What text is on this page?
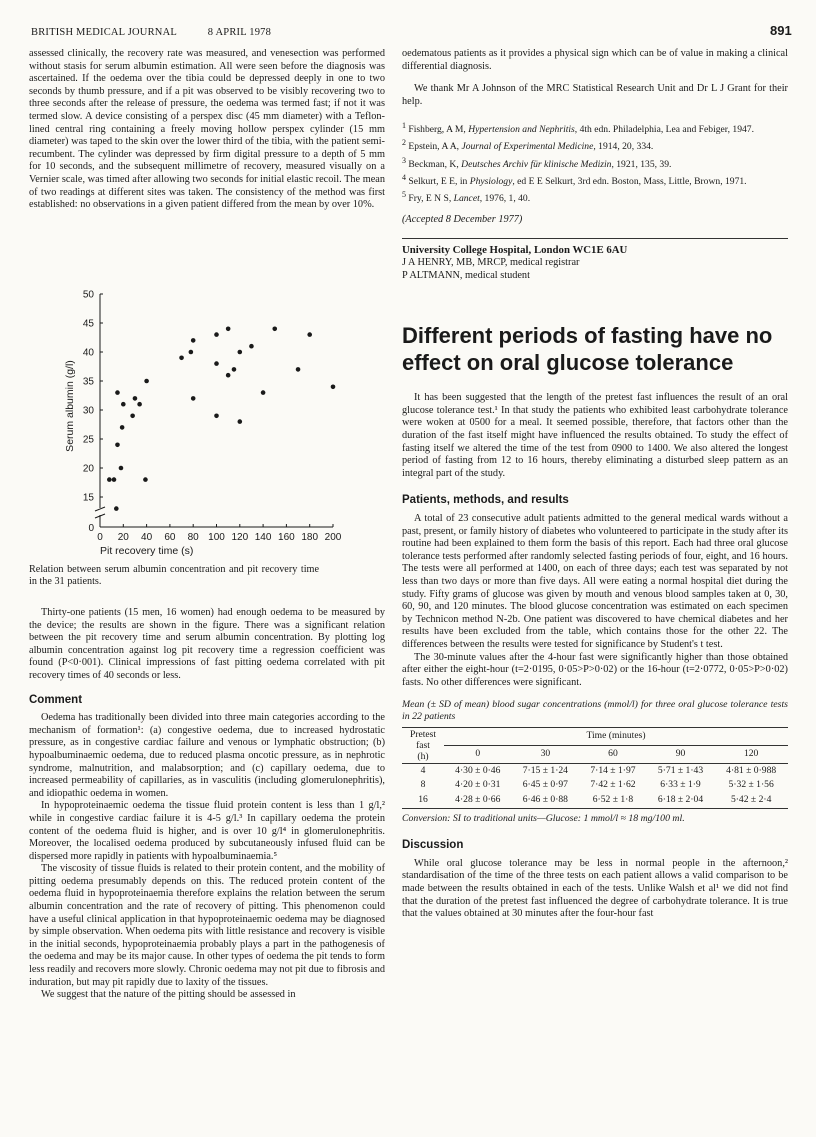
BRITISH MEDICAL JOURNAL	8 APRIL 1978	891

assessed clinically, the recovery rate was measured, and venesection was performed without stasis for serum albumin estimation. All were seen before the diagnosis was ascertained. If the oedema over the tibia could be depressed deeply in one to two seconds by thumb pressure, and if a pit was observed to be visibly recovering two to three seconds after the release of pressure, the oedema was termed fast; if not it was termed slow. A device consisting of a perspex disc (45 mm diameter) with a Teflon-lined central ring containing a freely moving hollow perspex cylinder (15 mm diameter) was taped to the skin over the lower third of the tibia, with the patient semi-recumbent. The cylinder was depressed by firm digital pressure to a depth of 5 mm for 10 seconds, and the subsequent millimetre of recovery, measured visually on a Vernier scale, was timed after allowing two seconds for initial elastic recoil. The mean of two readings at different sites was taken. The consistency of the method was first established: no observations in a given patient differed from the mean by over 10%.

0
15
20
25
30
35
40
45
50
0 20 40 60 80 100 120 140 160 180 200
Serum albumin (g/l)
Pit recovery time (s)

Relation between serum albumin concentration and pit recovery time in the 31 patients.

Thirty-one patients (15 men, 16 women) had enough oedema to be measured by the device; the results are shown in the figure. There was a significant relation between the pit recovery time and serum albumin concentration. By plotting log albumin concentration against log pit recovery time a regression coefficient was found (P<0·001). Clinical impressions of fast pitting oedema correlated with pit recovery times of 40 seconds or less.

Comment

Oedema has traditionally been divided into three main categories according to the mechanism of formation¹: (a) congestive oedema, due to increased hydrostatic pressure, as in congestive cardiac failure and venous or lymphatic obstruction; (b) hypoalbuminaemic oedema, due to reduced plasma oncotic pressure, as in nephrotic syndrome, malnutrition, and malabsorption; and (c) capillary oedema, due to increased permeability of capillaries, as in vasculitis (including glomerulonephritis), and idiopathic oedema in women.

In hypoproteinaemic oedema the tissue fluid protein content is less than 1 g/l,² while in congestive cardiac failure it is 4-5 g/l.³ In capillary oedema the protein content of the oedema fluid is higher, and is over 10 g/l⁴ in glomerulonephritis. Moreover, the localised oedema produced by subcutaneously infused fluid can be dispersed more rapidly in patients with hypoalbuminaemia.⁵

The viscosity of tissue fluids is related to their protein content, and the mobility of pitting oedema presumably depends on this. The reduced protein content of the oedema fluid in hypoproteinaemia therefore explains the relation between the serum albumin concentration and the rate of recovery of pitting. This phenomenon could have a useful clinical application in that hypoproteinaemic oedema may be diagnosed by simple observation. When oedema pits with little resistance and recovery is visible in the initial seconds, hypoproteinaemia probably plays a part in the pathogenesis of the oedema and may be its major cause. In other types of oedema the pit tends to form less readily and recovers more slowly. Chronic oedema may not pit due to fibrosis and induration, but may pit rapidly due to laxity of the tissues.

We suggest that the nature of the pitting should be assessed in

oedematous patients as it provides a physical sign which can be of value in making a clinical differential diagnosis.

We thank Mr A Johnson of the MRC Statistical Research Unit and Dr L J Grant for their help.

$^1$ Fishberg, A M, Hypertension and Nephritis, 4th edn. Philadelphia, Lea and Febiger, 1947.

$^2$ Epstein, A A, Journal of Experimental Medicine, 1914, 20, 334.

$^3$ Beckman, K, Deutsches Archiv für klinische Medizin, 1921, 135, 39.

$^4$ Selkurt, E E, in Physiology, ed E E Selkurt, 3rd edn. Boston, Mass, Little, Brown, 1971.

$^5$ Fry, E N S, Lancet, 1976, 1, 40.

(Accepted 8 December 1977)

University College Hospital, London WC1E 6AU
J A HENRY, MB, MRCP, medical registrar
P ALTMANN, medical student
Different periods of fasting have no effect on oral glucose tolerance

It has been suggested that the length of the pretest fast influences the result of an oral glucose tolerance test.¹ In that study the patients who exhibited least carbohydrate tolerance were woken at 0500 for a meal. It seemed possible, therefore, that factors other than the duration of the fast itself might have influenced the results obtained. To study the effect of fasting itself we altered the time of the test from 0900 to 1400. We also altered the longest period of fasting from 12 to 16 hours, thereby eliminating a disturbed sleep pattern as an integral part of the study.

Patients, methods, and results

A total of 23 consecutive adult patients admitted to the general medical wards without a past, present, or family history of diabetes who volunteered to participate in the study after its routine had been explained to them form the basis of this report. Each had three oral glucose tolerance tests performed after randomly selected fasting periods of four, eight, and 16 hours. The tests were all performed at 1400, on each of three days; each test was separated by not less than two days or more than five days. All were eating a normal hospital diet during the study. Fifty grams of glucose was given by mouth and venous blood samples taken at 0, 30, 60, 90, and 120 minutes. The blood glucose concentration was estimated on each specimen by Technicon method N-2b. One patient was discovered to have chemical diabetes and her results have been excluded from the table, which contains those for the other 22. The differences between the results were tested for significance by Student's t test.

The 30-minute values after the 4-hour fast were significantly higher than those obtained after either the eight-hour (t=2·0195, 0·05>P>0·02) or the 16-hour (t=2·0772, 0·05>P>0·02) fasts. No other differences were significant.

Mean (± SD of mean) blood sugar concentrations (mmol/l) for three oral glucose tolerance tests in 22 patients

Pretest
fast
(h)	Time (minutes)				
	0	30	60	90	120
4	4·30 ± 0·46	7·15 ± 1·24	7·14 ± 1·97	5·71 ± 1·43	4·81 ± 0·988
8	4·20 ± 0·31	6·45 ± 0·97	7·42 ± 1·62	6·33 ± 1·9	5·32 ± 1·56
16	4·28 ± 0·66	6·46 ± 0·88	6·52 ± 1·8	6·18 ± 2·04	5·42 ± 2·4

Conversion: SI to traditional units—Glucose: 1 mmol/l ≈ 18 mg/100 ml.

Discussion

While oral glucose tolerance may be less in normal people in the afternoon,² standardisation of the time of the three tests on each patient allows a valid comparison to be made between the results obtained in each of the tests. Unlike Walsh et al¹ we did not find that the duration of the pretest fast influenced the degree of carbohydrate tolerance. It is true that the values obtained at 30 minutes after the four-hour fast
